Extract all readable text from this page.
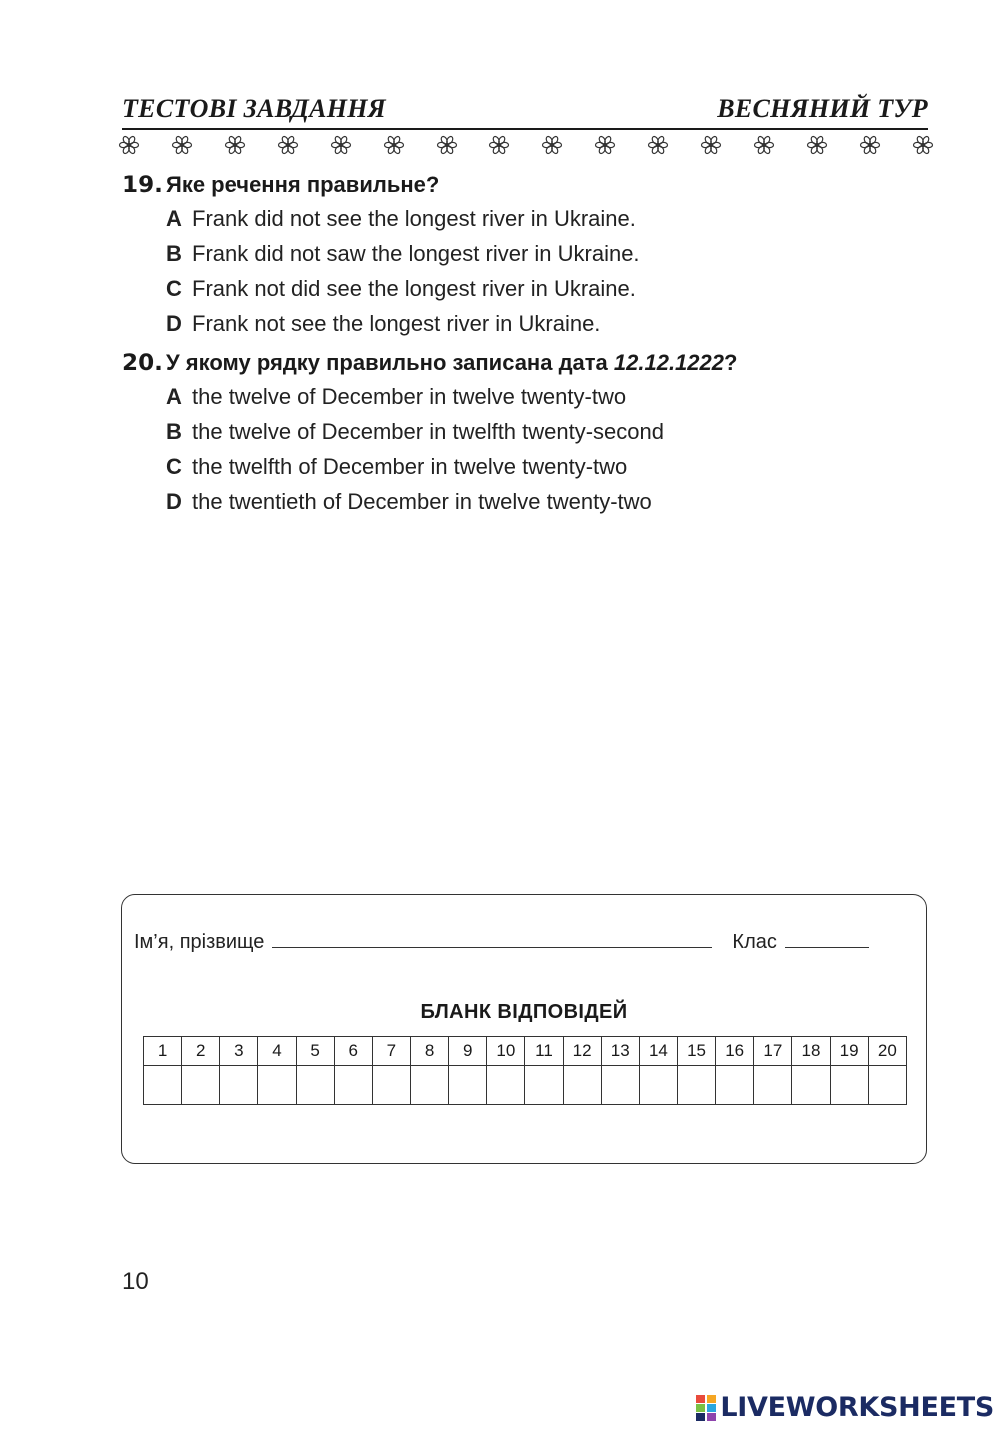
ТЕСТОВІ ЗАВДАННЯ	ВЕСНЯНИЙ ТУР
19. Яке речення правильне?
A Frank did not see the longest river in Ukraine.
B Frank did not saw the longest river in Ukraine.
C Frank not did see the longest river in Ukraine.
D Frank not see the longest river in Ukraine.
20. У якому рядку правильно записана дата 12.12.1222?
A the twelve of December in twelve twenty-two
B the twelve of December in twelfth twenty-second
C the twelfth of December in twelve twenty-two
D the twentieth of December in twelve twenty-two
Ім’я, прізвище	Клас
БЛАНК ВІДПОВІДЕЙ
1	2	3	4	5	6	7	8	9	10	11	12	13	14	15	16	17	18	19	20

10
LIVEWORKSHEETS
